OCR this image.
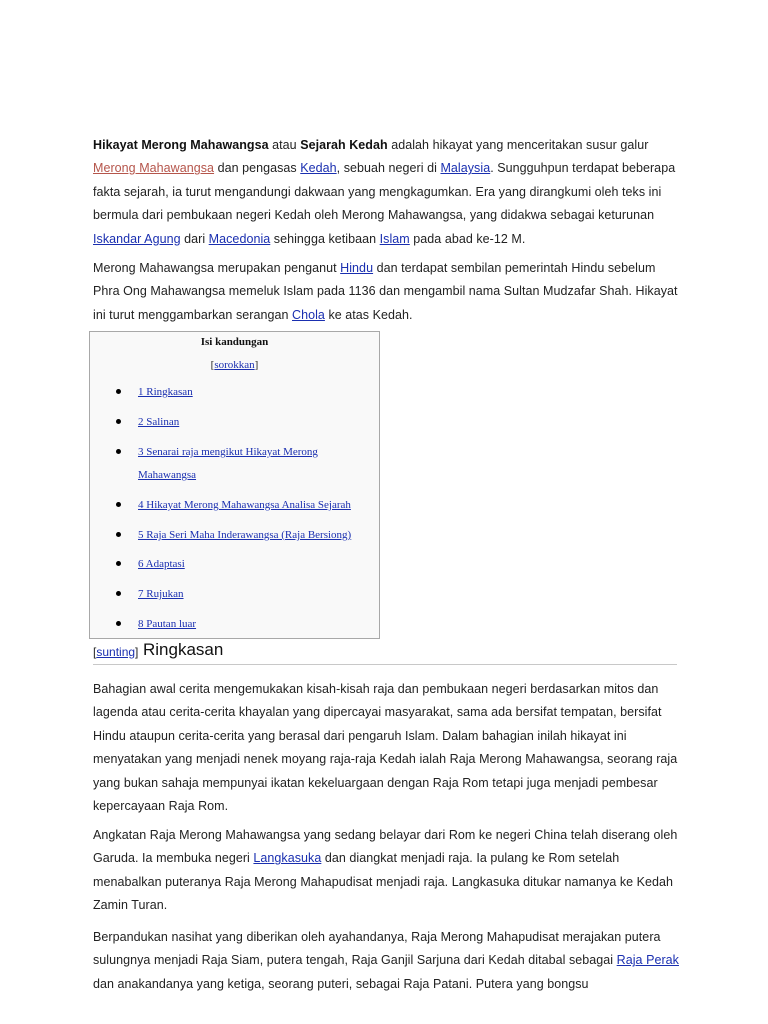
Hikayat Merong Mahawangsa atau Sejarah Kedah adalah hikayat yang menceritakan susur galur Merong Mahawangsa dan pengasas Kedah, sebuah negeri di Malaysia. Sungguhpun terdapat beberapa fakta sejarah, ia turut mengandungi dakwaan yang mengkagumkan. Era yang dirangkumi oleh teks ini bermula dari pembukaan negeri Kedah oleh Merong Mahawangsa, yang didakwa sebagai keturunan Iskandar Agung dari Macedonia sehingga ketibaan Islam pada abad ke-12 M.

Merong Mahawangsa merupakan penganut Hindu dan terdapat sembilan pemerintah Hindu sebelum Phra Ong Mahawangsa memeluk Islam pada 1136 dan mengambil nama Sultan Mudzafar Shah. Hikayat ini turut menggambarkan serangan Chola ke atas Kedah.

Isi kandungan
[sorokkan]
1 Ringkasan
2 Salinan
3 Senarai raja mengikut Hikayat Merong Mahawangsa
4 Hikayat Merong Mahawangsa Analisa Sejarah
5 Raja Seri Maha Inderawangsa (Raja Bersiong)
6 Adaptasi
7 Rujukan
8 Pautan luar
[sunting] Ringkasan

Bahagian awal cerita mengemukakan kisah-kisah raja dan pembukaan negeri berdasarkan mitos dan lagenda atau cerita-cerita khayalan yang dipercayai masyarakat, sama ada bersifat tempatan, bersifat Hindu ataupun cerita-cerita yang berasal dari pengaruh Islam. Dalam bahagian inilah hikayat ini menyatakan yang menjadi nenek moyang raja-raja Kedah ialah Raja Merong Mahawangsa, seorang raja yang bukan sahaja mempunyai ikatan kekeluargaan dengan Raja Rom tetapi juga menjadi pembesar kepercayaan Raja Rom.

Angkatan Raja Merong Mahawangsa yang sedang belayar dari Rom ke negeri China telah diserang oleh Garuda. Ia membuka negeri Langkasuka dan diangkat menjadi raja. Ia pulang ke Rom setelah menabalkan puteranya Raja Merong Mahapudisat menjadi raja. Langkasuka ditukar namanya ke Kedah Zamin Turan.

Berpandukan nasihat yang diberikan oleh ayahandanya, Raja Merong Mahapudisat merajakan putera sulungnya menjadi Raja Siam, putera tengah, Raja Ganjil Sarjuna dari Kedah ditabal sebagai Raja Perak dan anakandanya yang ketiga, seorang puteri, sebagai Raja Patani. Putera yang bongsu
